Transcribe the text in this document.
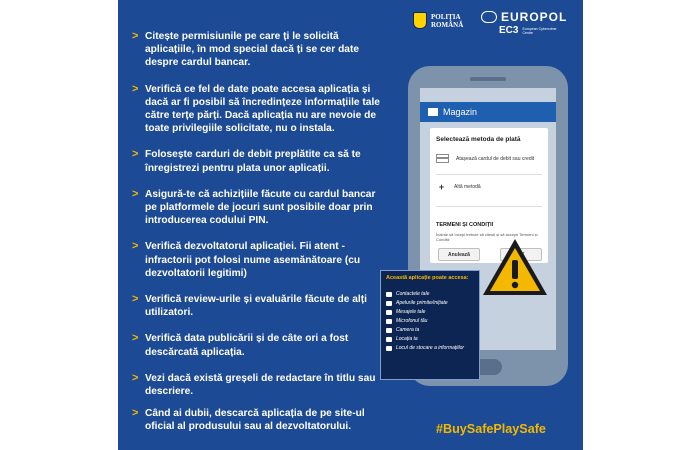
> Citește permisiunile pe care ți le solicită aplicațiile, în mod special dacă ți se cer date despre cardul bancar.
> Verifică ce fel de date poate accesa aplicația și dacă ar fi posibil să încredințeze informațiile tale către terțe părți. Dacă aplicația nu are nevoie de toate privilegiile solicitate, nu o instala.
> Folosește carduri de debit preplătite ca să te înregistrezi pentru plata unor aplicații.
> Asigură-te că achizițiile făcute cu cardul bancar pe platformele de jocuri sunt posibile doar prin introducerea codului PIN.
> Verifică dezvoltatorul aplicației. Fii atent - infractorii pot folosi nume asemănătoare (cu dezvoltatorii legitimi)
> Verifică review-urile și evaluările făcute de alți utilizatori.
> Verifică data publicării și de câte ori a fost descărcată aplicația.
> Vezi dacă există greșeli de redactare în titlu sau descriere.
> Când ai dubii, descarcă aplicația de pe site-ul oficial al produsului sau al dezvoltatorului.
POLIȚIA
ROMÂNĂ
EUROPOL
EC3 European Cybercrime Centre
Magazin
Selectează metoda de plată
Atașează cardul de debit sau credit
+	Altă metodă
TERMENI ȘI CONDIȚII
Înainte să începi trebuie să citești și să accepți Termeni și Condiții
Anulează
Această aplicație poate accesa:
Contactele tale
Apelurile primite/inițiate
Mesajele tale
Microfonul tău
Camera ta
Locația ta
Locul de stocare a informațiilor
#BuySafePlaySafe
